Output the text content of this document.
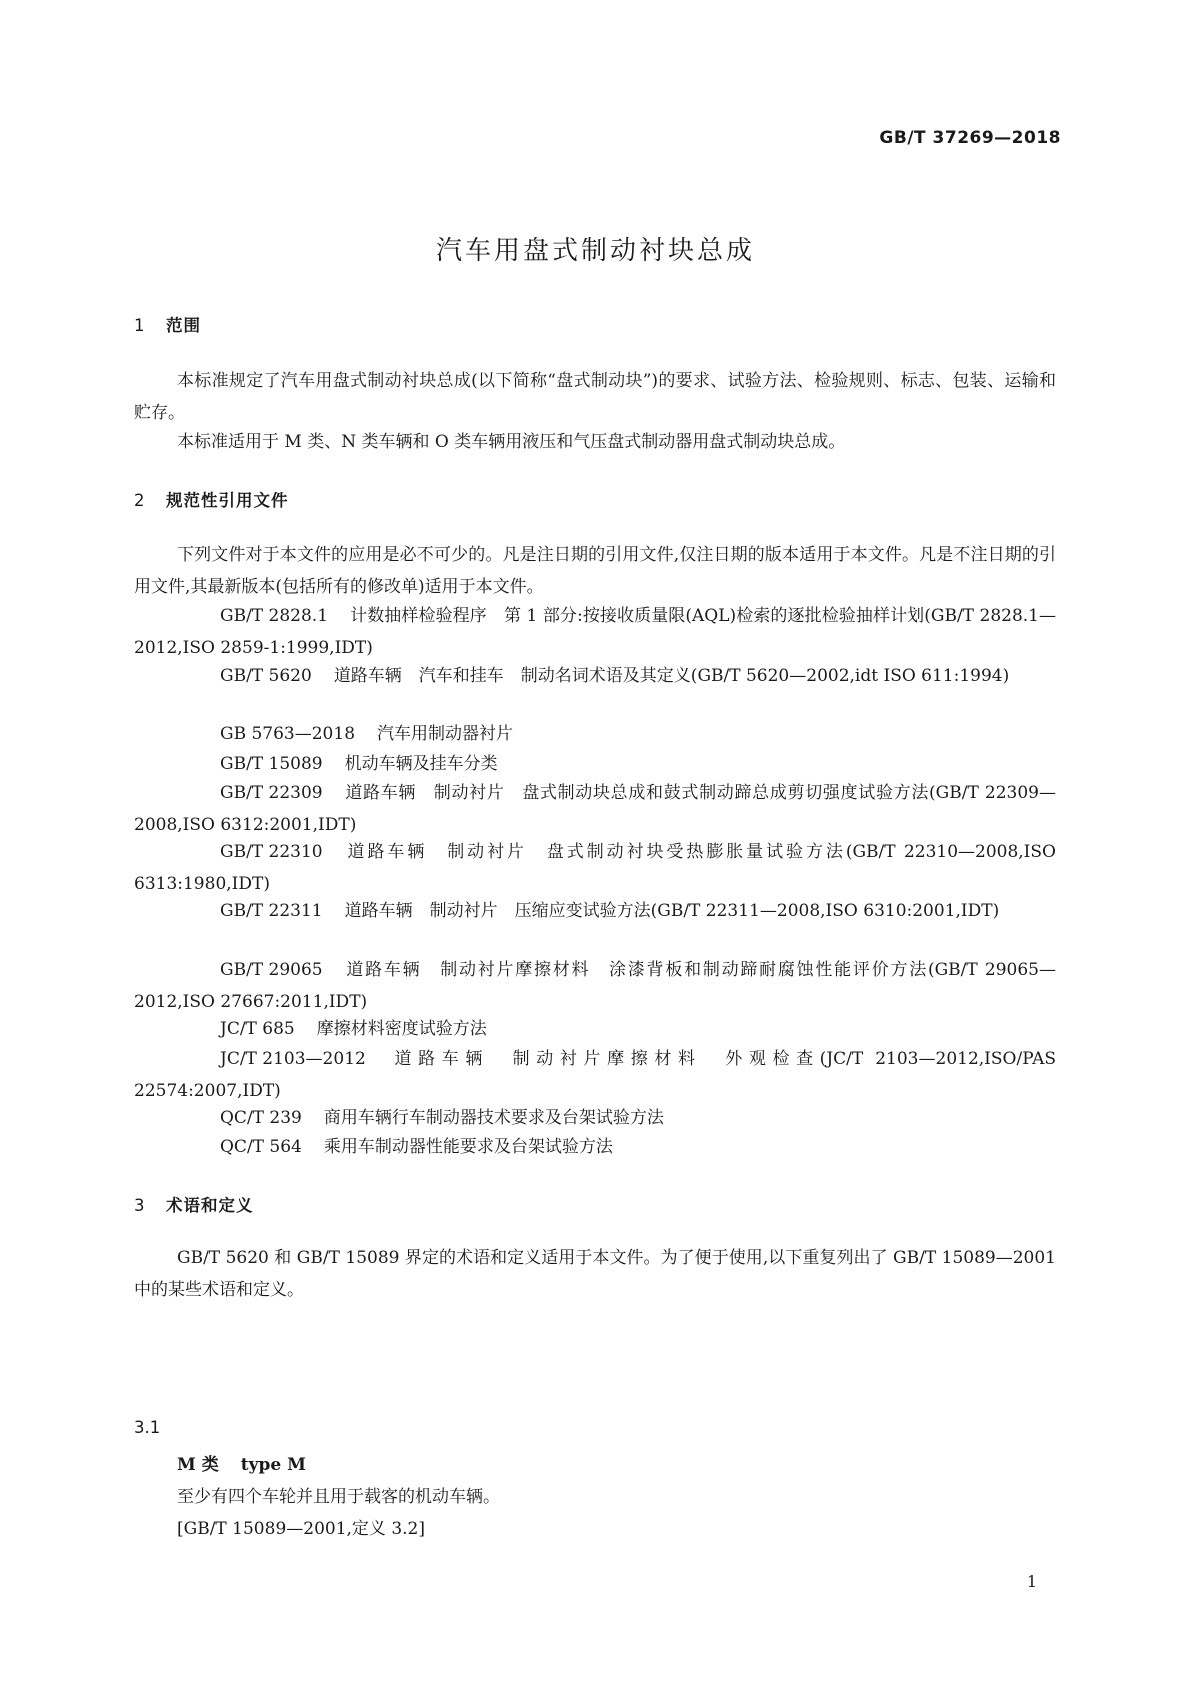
GB/T 37269—2018
汽车用盘式制动衬块总成
1 范围
本标准规定了汽车用盘式制动衬块总成(以下简称“盘式制动块”)的要求、试验方法、检验规则、标志、包装、运输和贮存。
本标准适用于 M 类、N 类车辆和 O 类车辆用液压和气压盘式制动器用盘式制动块总成。
2 规范性引用文件
下列文件对于本文件的应用是必不可少的。凡是注日期的引用文件,仅注日期的版本适用于本文件。凡是不注日期的引用文件,其最新版本(包括所有的修改单)适用于本文件。
GB/T 2828.1 计数抽样检验程序　第 1 部分:按接收质量限(AQL)检索的逐批检验抽样计划(GB/T 2828.1—2012,ISO 2859-1:1999,IDT)
GB/T 5620 道路车辆　汽车和挂车　制动名词术语及其定义(GB/T 5620—2002,idt ISO 611:1994)
GB 5763—2018 汽车用制动器衬片
GB/T 15089 机动车辆及挂车分类
GB/T 22309 道路车辆　制动衬片　盘式制动块总成和鼓式制动蹄总成剪切强度试验方法(GB/T 22309—2008,ISO 6312:2001,IDT)
GB/T 22310 道路车辆　制动衬片　盘式制动衬块受热膨胀量试验方法(GB/T 22310—2008,ISO 6313:1980,IDT)
GB/T 22311 道路车辆　制动衬片　压缩应变试验方法(GB/T 22311—2008,ISO 6310:2001,IDT)
GB/T 29065 道路车辆　制动衬片摩擦材料　涂漆背板和制动蹄耐腐蚀性能评价方法(GB/T 29065—2012,ISO 27667:2011,IDT)
JC/T 685 摩擦材料密度试验方法
JC/T 2103—2012 道路车辆　制动衬片摩擦材料　外观检查(JC/T 2103—2012,ISO/PAS 22574:2007,IDT)
QC/T 239 商用车辆行车制动器技术要求及台架试验方法
QC/T 564 乘用车制动器性能要求及台架试验方法
3 术语和定义
GB/T 5620 和 GB/T 15089 界定的术语和定义适用于本文件。为了便于使用,以下重复列出了 GB/T 15089—2001 中的某些术语和定义。
3.1
M 类 type M
至少有四个车轮并且用于载客的机动车辆。
[GB/T 15089—2001,定义 3.2]
1
